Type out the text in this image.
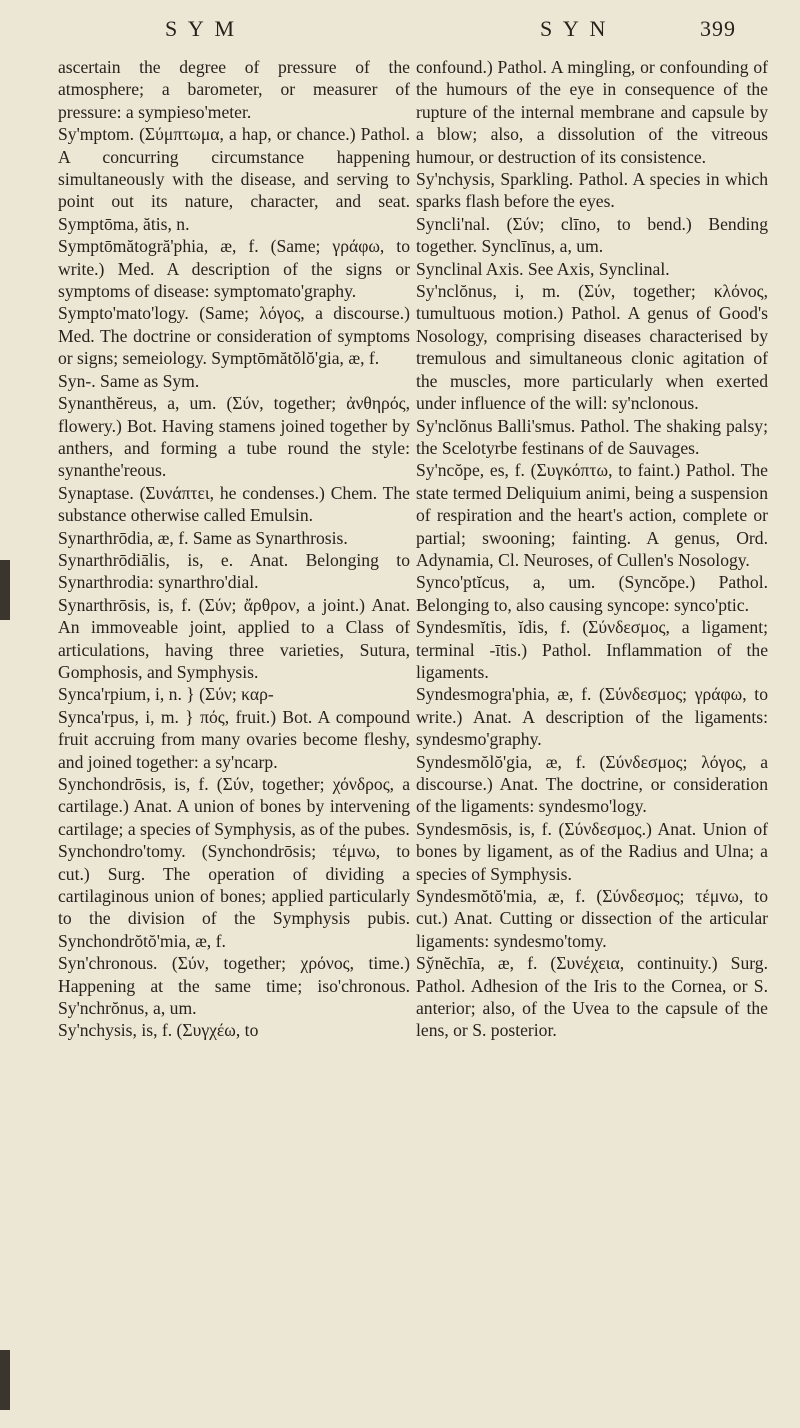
S Y M	S Y N	399

ascertain the degree of pressure of the atmosphere; a barometer, or measurer of pressure: a sympieso'meter.

Sy'mptom. (Σύμπτωμα, a hap, or chance.) Pathol. A concurring circumstance happening simultaneously with the disease, and serving to point out its nature, character, and seat. Symptōma, ătis, n.

Symptōmătogră'phia, æ, f. (Same; γράφω, to write.) Med. A description of the signs or symptoms of disease: symptomato'graphy.

Sympto'mato'logy. (Same; λόγος, a discourse.) Med. The doctrine or consideration of symptoms or signs; semeiology. Symptōmătŏlŏ'gia, æ, f.

Syn-. Same as Sym.

Synanthĕreus, a, um. (Σύν, together; ἀνθηρός, flowery.) Bot. Having stamens joined together by anthers, and forming a tube round the style: synanthe'reous.

Synaptase. (Συνάπτει, he condenses.) Chem. The substance otherwise called Emulsin.

Synarthrōdia, æ, f. Same as Synarthrosis.

Synarthrōdiālis, is, e. Anat. Belonging to Synarthrodia: synarthro'dial.

Synarthrōsis, is, f. (Σύν; ἄρθρον, a joint.) Anat. An immoveable joint, applied to a Class of articulations, having three varieties, Sutura, Gomphosis, and Symphysis.

Synca'rpium, i, n. } (Σύν; καρ-

Synca'rpus, i, m. } πός, fruit.) Bot. A compound fruit accruing from many ovaries become fleshy, and joined together: a sy'ncarp.

Synchondrōsis, is, f. (Σύν, together; χόνδρος, a cartilage.) Anat. A union of bones by intervening cartilage; a species of Symphysis, as of the pubes.

Synchondro'tomy. (Synchondrōsis; τέμνω, to cut.) Surg. The operation of dividing a cartilaginous union of bones; applied particularly to the division of the Symphysis pubis. Synchondrŏtŏ'mia, æ, f.

Syn'chronous. (Σύν, together; χρόνος, time.) Happening at the same time; iso'chronous. Sy'nchrŏnus, a, um.

Sy'nchysis, is, f. (Συγχέω, to

confound.) Pathol. A mingling, or confounding of the humours of the eye in consequence of the rupture of the internal membrane and capsule by a blow; also, a dissolution of the vitreous humour, or destruction of its consistence.

Sy'nchysis, Sparkling. Pathol. A species in which sparks flash before the eyes.

Syncli'nal. (Σύν; clīno, to bend.) Bending together. Synclīnus, a, um.

Synclinal Axis. See Axis, Synclinal.

Sy'nclŏnus, i, m. (Σύν, together; κλόνος, tumultuous motion.) Pathol. A genus of Good's Nosology, comprising diseases characterised by tremulous and simultaneous clonic agitation of the muscles, more particularly when exerted under influence of the will: sy'nclonous.

Sy'nclŏnus Balli'smus. Pathol. The shaking palsy; the Scelotyrbe festinans of de Sauvages.

Sy'ncŏpe, es, f. (Συγκόπτω, to faint.) Pathol. The state termed Deliquium animi, being a suspension of respiration and the heart's action, complete or partial; swooning; fainting. A genus, Ord. Adynamia, Cl. Neuroses, of Cullen's Nosology.

Synco'ptĭcus, a, um. (Syncŏpe.) Pathol. Belonging to, also causing syncope: synco'ptic.

Syndesmĭtis, ĭdis, f. (Σύνδεσμος, a ligament; terminal -ītis.) Pathol. Inflammation of the ligaments.

Syndesmogra'phia, æ, f. (Σύνδεσμος; γράφω, to write.) Anat. A description of the ligaments: syndesmo'graphy.

Syndesmŏlŏ'gia, æ, f. (Σύνδεσμος; λόγος, a discourse.) Anat. The doctrine, or consideration of the ligaments: syndesmo'logy.

Syndesmōsis, is, f. (Σύνδεσμος.) Anat. Union of bones by ligament, as of the Radius and Ulna; a species of Symphysis.

Syndesmŏtŏ'mia, æ, f. (Σύνδεσμος; τέμνω, to cut.) Anat. Cutting or dissection of the articular ligaments: syndesmo'tomy.

Sy̆nĕchīa, æ, f. (Συνέχεια, continuity.) Surg. Pathol. Adhesion of the Iris to the Cornea, or S. anterior; also, of the Uvea to the capsule of the lens, or S. posterior.
